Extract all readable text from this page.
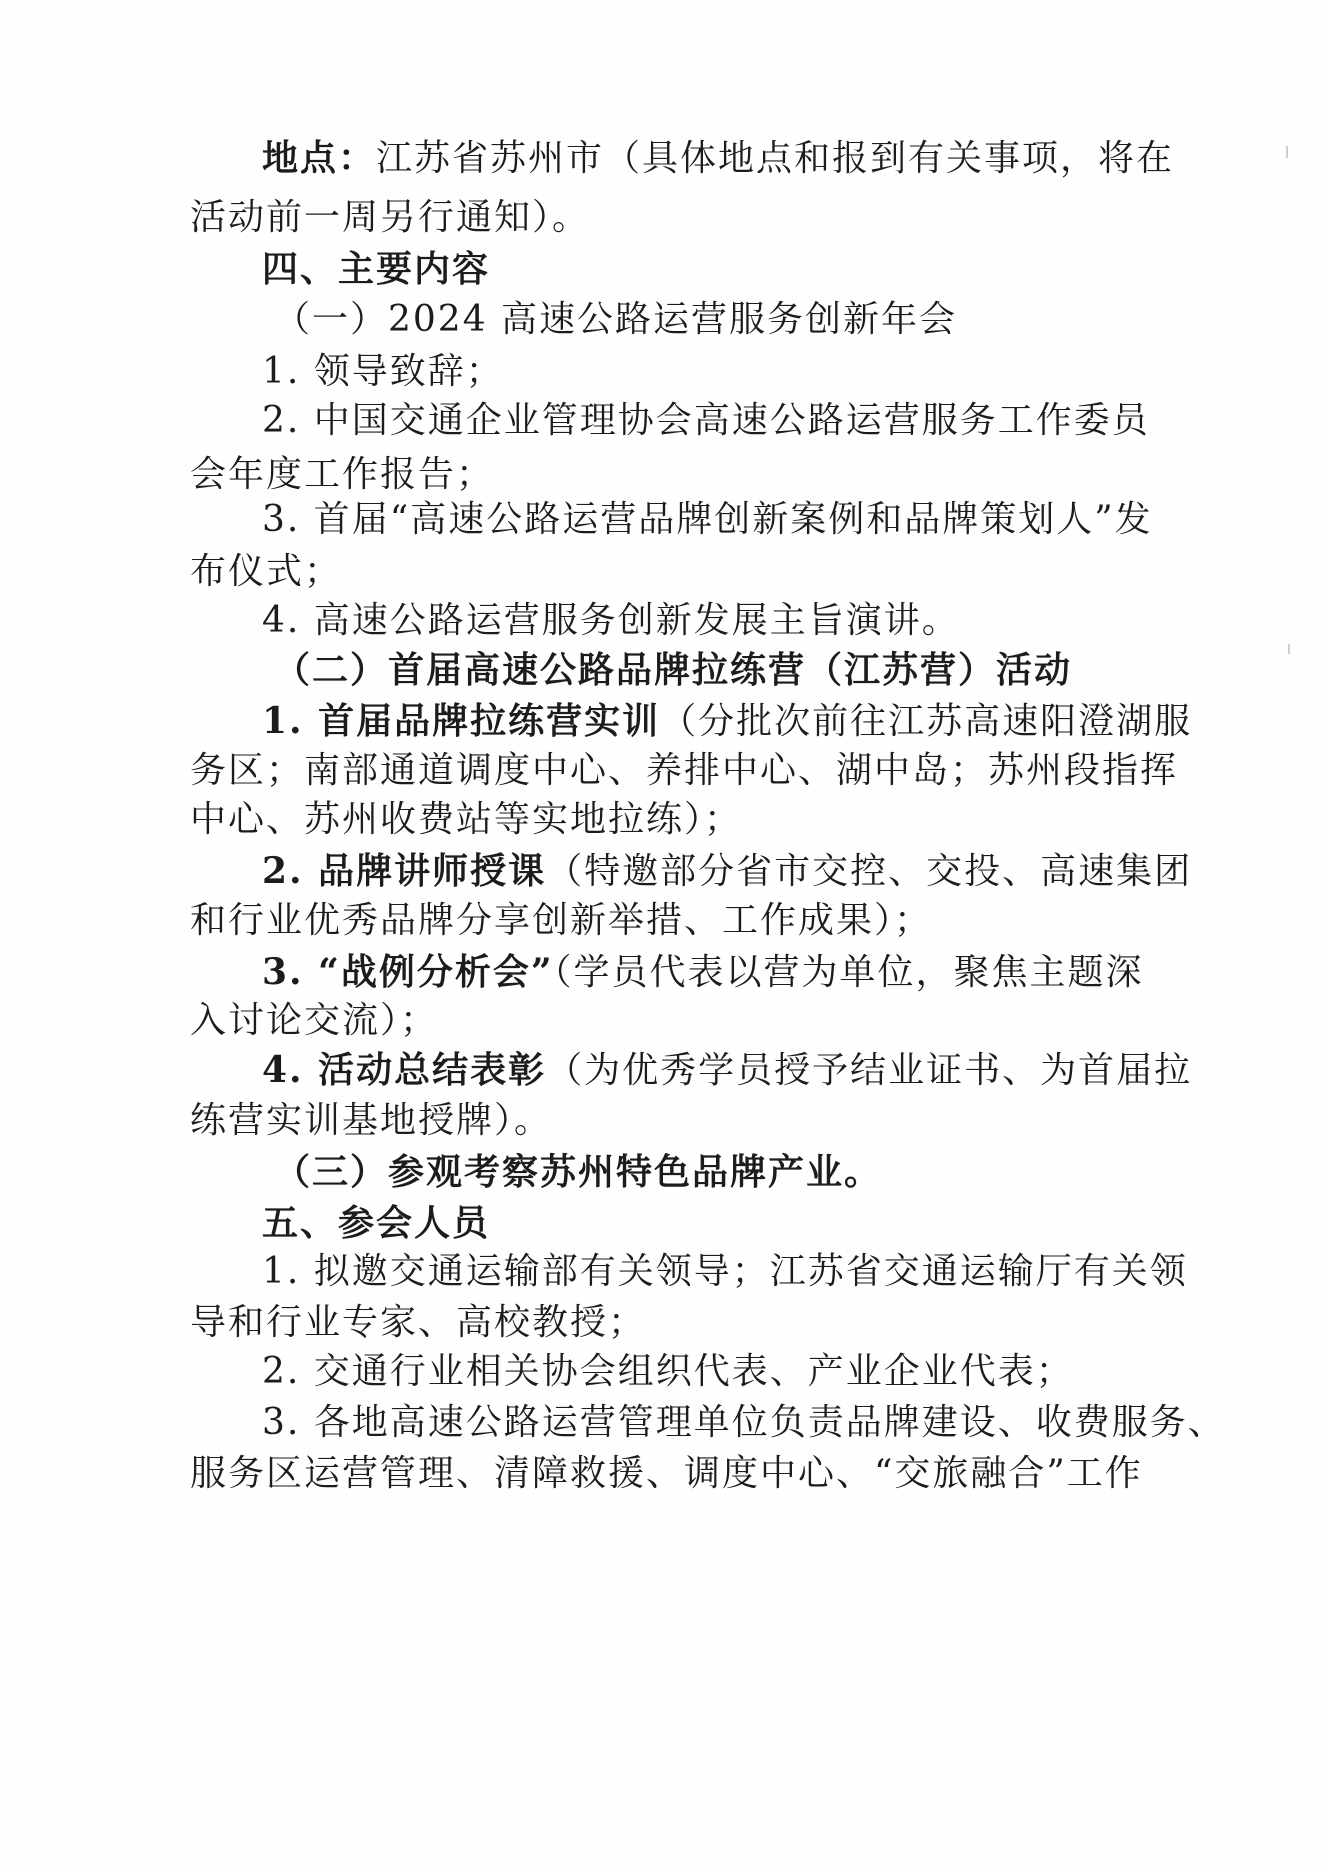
地点：江苏省苏州市（具体地点和报到有关事项，将在
活动前一周另行通知）。
四、主要内容
（一）2024 高速公路运营服务创新年会
1. 领导致辞；
2. 中国交通企业管理协会高速公路运营服务工作委员
会年度工作报告；
3. 首届“高速公路运营品牌创新案例和品牌策划人”发
布仪式；
4. 高速公路运营服务创新发展主旨演讲。
（二）首届高速公路品牌拉练营（江苏营）活动
1. 首届品牌拉练营实训（分批次前往江苏高速阳澄湖服
务区；南部通道调度中心、养排中心、湖中岛；苏州段指挥
中心、苏州收费站等实地拉练）；
2. 品牌讲师授课（特邀部分省市交控、交投、高速集团
和行业优秀品牌分享创新举措、工作成果）；
3. “战例分析会”（学员代表以营为单位，聚焦主题深
入讨论交流）；
4. 活动总结表彰（为优秀学员授予结业证书、为首届拉
练营实训基地授牌）。
（三）参观考察苏州特色品牌产业。
五、参会人员
1. 拟邀交通运输部有关领导；江苏省交通运输厅有关领
导和行业专家、高校教授；
2. 交通行业相关协会组织代表、产业企业代表；
3. 各地高速公路运营管理单位负责品牌建设、收费服务、
服务区运营管理、清障救援、调度中心、“交旅融合”工作
